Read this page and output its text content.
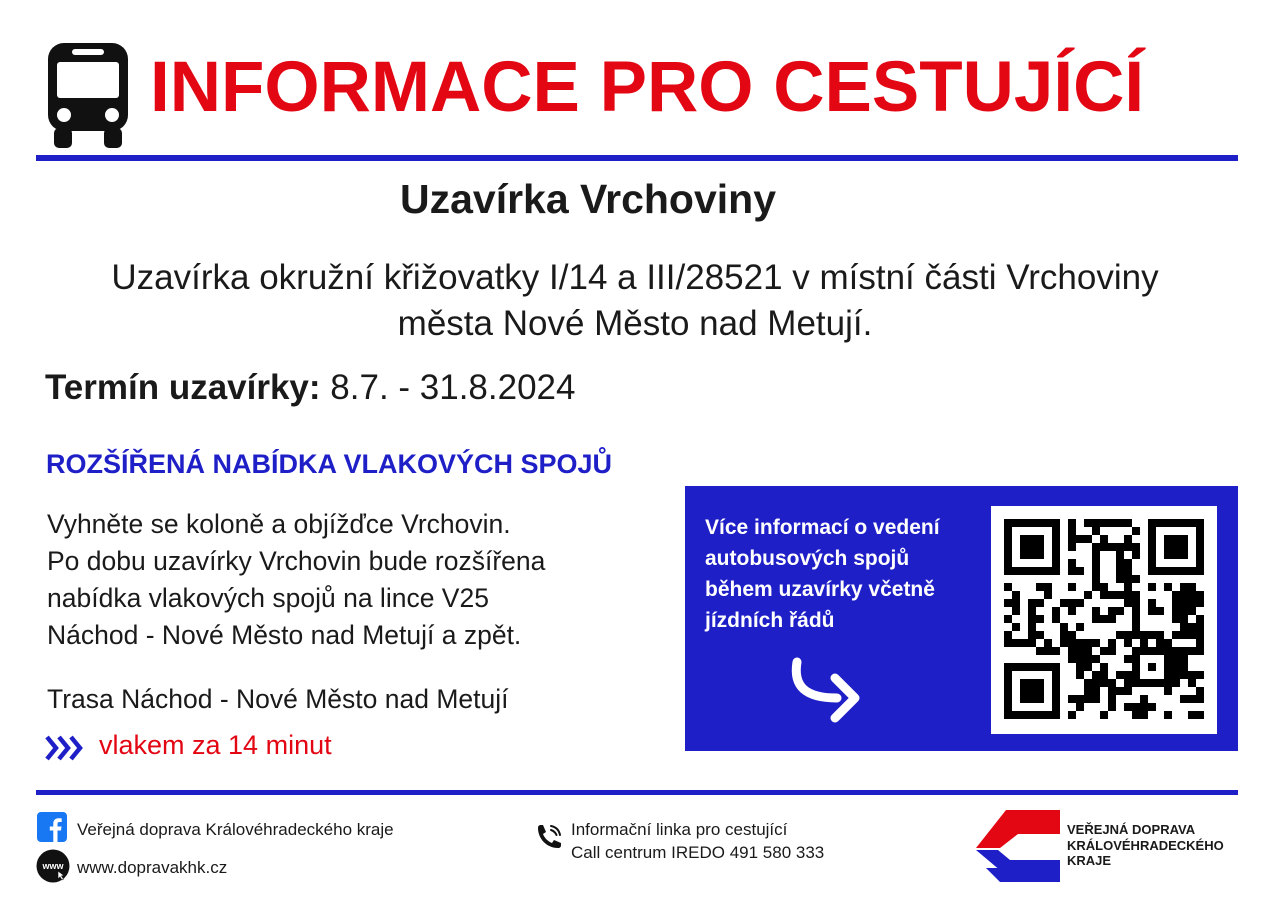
INFORMACE PRO CESTUJÍCÍ
Uzavírka Vrchoviny
Uzavírka okružní křižovatky I/14 a III/28521 v místní části Vrchoviny
města Nové Město nad Metují.
Termín uzavírky: 8.7. - 31.8.2024
ROZŠÍŘENÁ NABÍDKA VLAKOVÝCH SPOJŮ
Vyhněte se koloně a objížďce Vrchovin.
Po dobu uzavírky Vrchovin bude rozšířena
nabídka vlakových spojů na lince V25
Náchod - Nové Město nad Metují a zpět.
Trasa Náchod - Nové Město nad Metují
vlakem za 14 minut
Více informací o vedení
autobusových spojů
během uzavírky včetně
jízdních řádů
Veřejná doprava Královéhradeckého kraje
www www.dopravakhk.cz
Informační linka pro cestující
Call centrum IREDO 491 580 333
VEŘEJNÁ DOPRAVA
KRÁLOVÉHRADECKÉHO
KRAJE
